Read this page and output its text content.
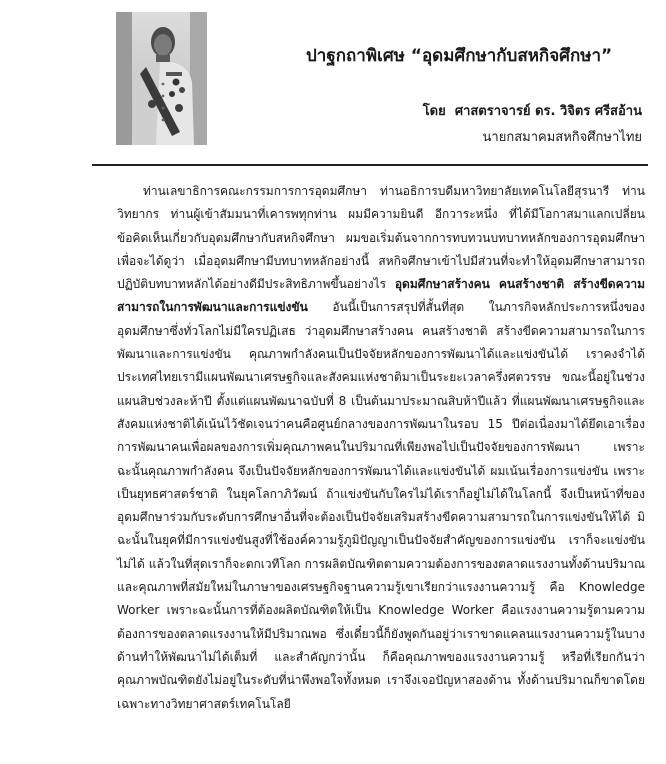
ปาฐกถาพิเศษ “อุดมศึกษากับสหกิจศึกษา”
โดย ศาสตราจารย์ ดร. วิจิตร ศรีสอ้าน
นายกสมาคมสหกิจศึกษาไทย
ท่านเลขาธิการคณะกรรมการการอุดมศึกษา ท่านอธิการบดีมหาวิทยาลัยเทคโนโลยีสุรนารี ท่านวิทยากร ท่านผู้เข้าสัมมนาที่เคารพทุกท่าน ผมมีความยินดี อีกวาระหนึ่ง ที่ได้มีโอกาสมาแลกเปลี่ยนข้อคิดเห็นเกี่ยวกับอุดมศึกษากับสหกิจศึกษา ผมขอเริ่มต้นจากการทบทวนบทบาทหลักของการอุดมศึกษาเพื่อจะได้ดูว่า เมื่ออุดมศึกษามีบทบาทหลักอย่างนี้ สหกิจศึกษาเข้าไปมีส่วนที่จะทำให้อุดมศึกษาสามารถปฏิบัติบทบาทหลักได้อย่างดีมีประสิทธิภาพขึ้นอย่างไร อุดมศึกษาสร้างคน คนสร้างชาติ สร้างขีดความสามารถในการพัฒนาและการแข่งขัน อันนี้เป็นการสรุปที่สั้นที่สุด ในภารกิจหลักประการหนึ่งของอุดมศึกษาซึ่งทั่วโลกไม่มีใครปฏิเสธ ว่าอุดมศึกษาสร้างคน คนสร้างชาติ สร้างขีดความสามารถในการพัฒนาและการแข่งขัน คุณภาพกำลังคนเป็นปัจจัยหลักของการพัฒนาได้และแข่งขันได้ เราคงจำได้ประเทศไทยเรามีแผนพัฒนาเศรษฐกิจและสังคมแห่งชาติมาเป็นระยะเวลาครึ่งศตวรรษ ขณะนี้อยู่ในช่วงแผนสิบช่วงละห้าปี ตั้งแต่แผนพัฒนาฉบับที่ 8 เป็นต้นมาประมาณสิบห้าปีแล้ว ที่แผนพัฒนาเศรษฐกิจและสังคมแห่งชาติได้เน้นไว้ชัดเจนว่าคนคือศูนย์กลางของการพัฒนาในรอบ 15 ปีต่อเนื่องมาได้ยึดเอาเรื่องการพัฒนาคนเพื่อผลของการเพิ่มคุณภาพคนในปริมาณที่เพียงพอไปเป็นปัจจัยของการพัฒนา เพราะฉะนั้นคุณภาพกำลังคน จึงเป็นปัจจัยหลักของการพัฒนาได้และแข่งขันได้ ผมเน้นเรื่องการแข่งขัน เพราะเป็นยุทธศาสตร์ชาติ ในยุคโลกาภิวัฒน์ ถ้าแข่งขันกับใครไม่ได้เราก็อยู่ไม่ได้ในโลกนี้ จึงเป็นหน้าที่ของอุดมศึกษาร่วมกับระดับการศึกษาอื่นที่จะต้องเป็นปัจจัยเสริมสร้างขีดความสามารถในการแข่งขันให้ได้ มิฉะนั้นในยุคที่มีการแข่งขันสูงที่ใช้องค์ความรู้ภูมิปัญญาเป็นปัจจัยสำคัญของการแข่งขัน เราก็จะแข่งขันไม่ได้ แล้วในที่สุดเราก็จะตกเวทีโลก การผลิตบัณฑิตตามความต้องการของตลาดแรงงานทั้งด้านปริมาณและคุณภาพที่สมัยใหม่ในภาษาของเศรษฐกิจฐานความรู้เขาเรียกว่าแรงงานความรู้ คือ Knowledge Worker เพราะฉะนั้นการที่ต้องผลิตบัณฑิตให้เป็น Knowledge Worker คือแรงงานความรู้ตามความต้องการของตลาดแรงงานให้มีปริมาณพอ ซึ่งเดี๋ยวนี้ก็ยังพูดกันอยู่ว่าเราขาดแคลนแรงงานความรู้ในบางด้านทำให้พัฒนาไม่ได้เต็มที่ และสำคัญกว่านั้น ก็คือคุณภาพของแรงงานความรู้ หรือที่เรียกกันว่าคุณภาพบัณฑิตยังไม่อยู่ในระดับที่น่าพึงพอใจทั้งหมด เราจึงเจอปัญหาสองด้าน ทั้งด้านปริมาณก็ขาดโดยเฉพาะทางวิทยาศาสตร์เทคโนโลยี
